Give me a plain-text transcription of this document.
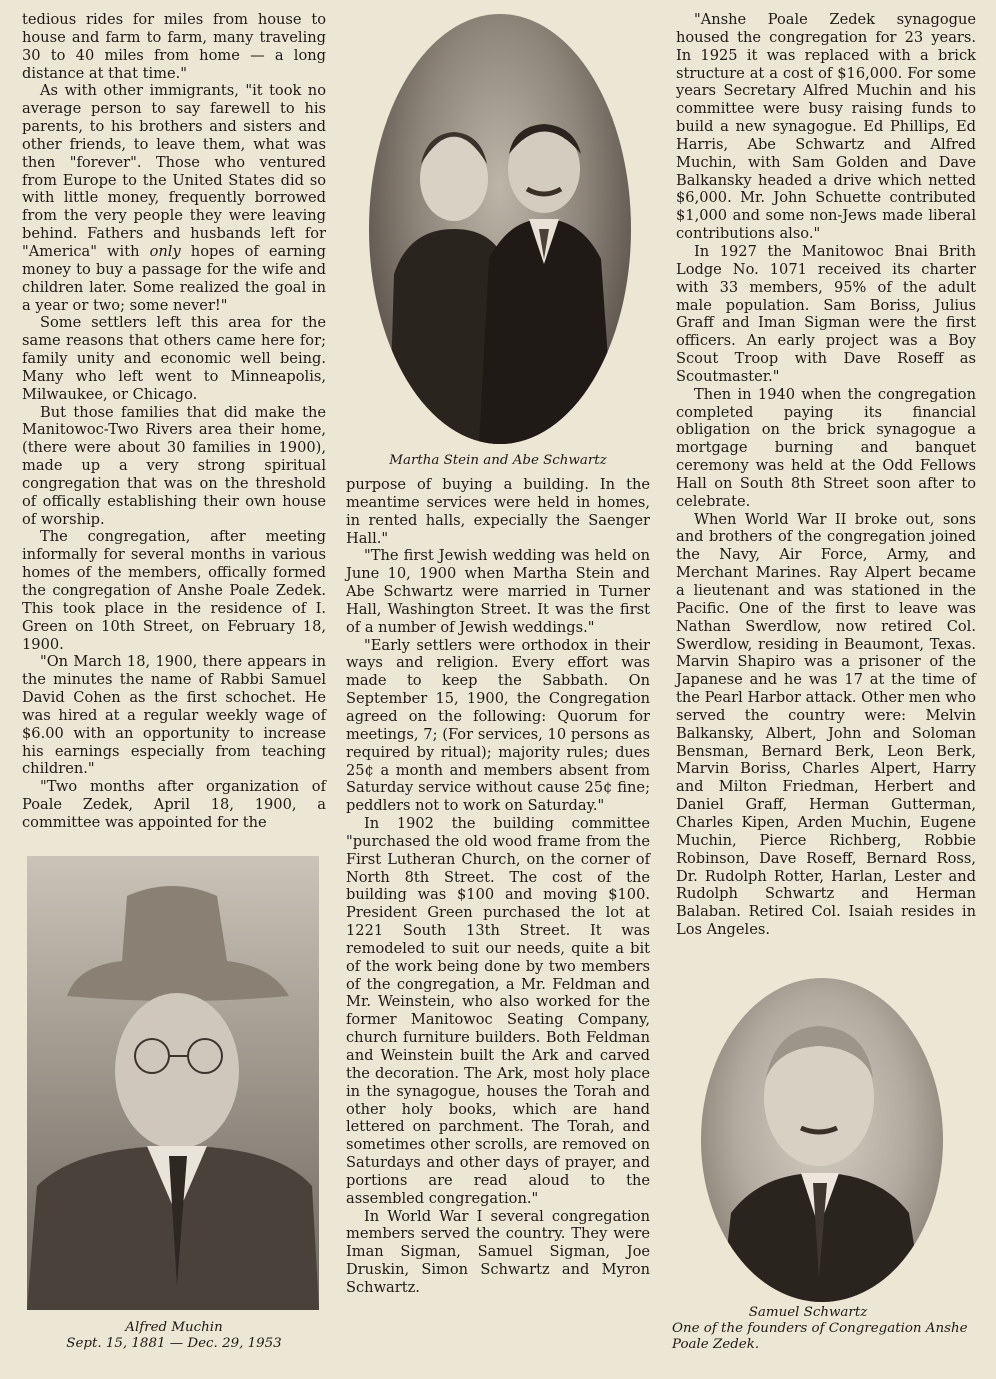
tedious rides for miles from house to house and farm to farm, many traveling 30 to 40 miles from home — a long distance at that time."

As with other immigrants, "it took no average person to say farewell to his parents, to his brothers and sisters and other friends, to leave them, what was then "forever". Those who ventured from Europe to the United States did so with little money, frequently borrowed from the very people they were leaving behind. Fathers and husbands left for "America" with only hopes of earning money to buy a passage for the wife and children later. Some realized the goal in a year or two; some never!"

Some settlers left this area for the same reasons that others came here for; family unity and economic well being. Many who left went to Minneapolis, Milwaukee, or Chicago.

But those families that did make the Manitowoc-Two Rivers area their home, (there were about 30 families in 1900), made up a very strong spiritual congregation that was on the threshold of offically establishing their own house of worship.

The congregation, after meeting informally for several months in various homes of the members, offically formed the congregation of Anshe Poale Zedek. This took place in the residence of I. Green on 10th Street, on February 18, 1900.

"On March 18, 1900, there appears in the minutes the name of Rabbi Samuel David Cohen as the first schochet. He was hired at a regular weekly wage of $6.00 with an opportunity to increase his earnings especially from teaching children."

"Two months after organization of Poale Zedek, April 18, 1900, a committee was appointed for the

Martha Stein and Abe Schwartz

purpose of buying a building. In the meantime services were held in homes, in rented halls, expecially the Saenger Hall."

"The first Jewish wedding was held on June 10, 1900 when Martha Stein and Abe Schwartz were married in Turner Hall, Washington Street. It was the first of a number of Jewish weddings."

"Early settlers were orthodox in their ways and religion. Every effort was made to keep the Sabbath. On September 15, 1900, the Congregation agreed on the following: Quorum for meetings, 7; (For services, 10 persons as required by ritual); majority rules; dues 25¢ a month and members absent from Saturday service without cause 25¢ fine; peddlers not to work on Saturday."

In 1902 the building committee "purchased the old wood frame from the First Lutheran Church, on the corner of North 8th Street. The cost of the building was $100 and moving $100. President Green purchased the lot at 1221 South 13th Street. It was remodeled to suit our needs, quite a bit of the work being done by two members of the congregation, a Mr. Feldman and Mr. Weinstein, who also worked for the former Manitowoc Seating Company, church furniture builders. Both Feldman and Weinstein built the Ark and carved the decoration. The Ark, most holy place in the synagogue, houses the Torah and other holy books, which are hand lettered on parchment. The Torah, and sometimes other scrolls, are removed on Saturdays and other days of prayer, and portions are read aloud to the assembled congregation."

In World War I several congregation members served the country. They were Iman Sigman, Samuel Sigman, Joe Druskin, Simon Schwartz and Myron Schwartz.

"Anshe Poale Zedek synagogue housed the congregation for 23 years. In 1925 it was replaced with a brick structure at a cost of $16,000. For some years Secretary Alfred Muchin and his committee were busy raising funds to build a new synagogue. Ed Phillips, Ed Harris, Abe Schwartz and Alfred Muchin, with Sam Golden and Dave Balkansky headed a drive which netted $6,000. Mr. John Schuette contributed $1,000 and some non-Jews made liberal contributions also."

In 1927 the Manitowoc Bnai Brith Lodge No. 1071 received its charter with 33 members, 95% of the adult male population. Sam Boriss, Julius Graff and Iman Sigman were the first officers. An early project was a Boy Scout Troop with Dave Roseff as Scoutmaster."

Then in 1940 when the congregation completed paying its financial obligation on the brick synagogue a mortgage burning and banquet ceremony was held at the Odd Fellows Hall on South 8th Street soon after to celebrate.

When World War II broke out, sons and brothers of the congregation joined the Navy, Air Force, Army, and Merchant Marines. Ray Alpert became a lieutenant and was stationed in the Pacific. One of the first to leave was Nathan Swerdlow, now retired Col. Swerdlow, residing in Beaumont, Texas. Marvin Shapiro was a prisoner of the Japanese and he was 17 at the time of the Pearl Harbor attack. Other men who served the country were: Melvin Balkansky, Albert, John and Soloman Bensman, Bernard Berk, Leon Berk, Marvin Boriss, Charles Alpert, Harry and Milton Friedman, Herbert and Daniel Graff, Herman Gutterman, Charles Kipen, Arden Muchin, Eugene Muchin, Pierce Richberg, Robbie Robinson, Dave Roseff, Bernard Ross, Dr. Rudolph Rotter, Harlan, Lester and Rudolph Schwartz and Herman Balaban. Retired Col. Isaiah resides in Los Angeles.

Alfred Muchin
Sept. 15, 1881 — Dec. 29, 1953
Samuel Schwartz
One of the founders of Congregation Anshe Poale Zedek.
